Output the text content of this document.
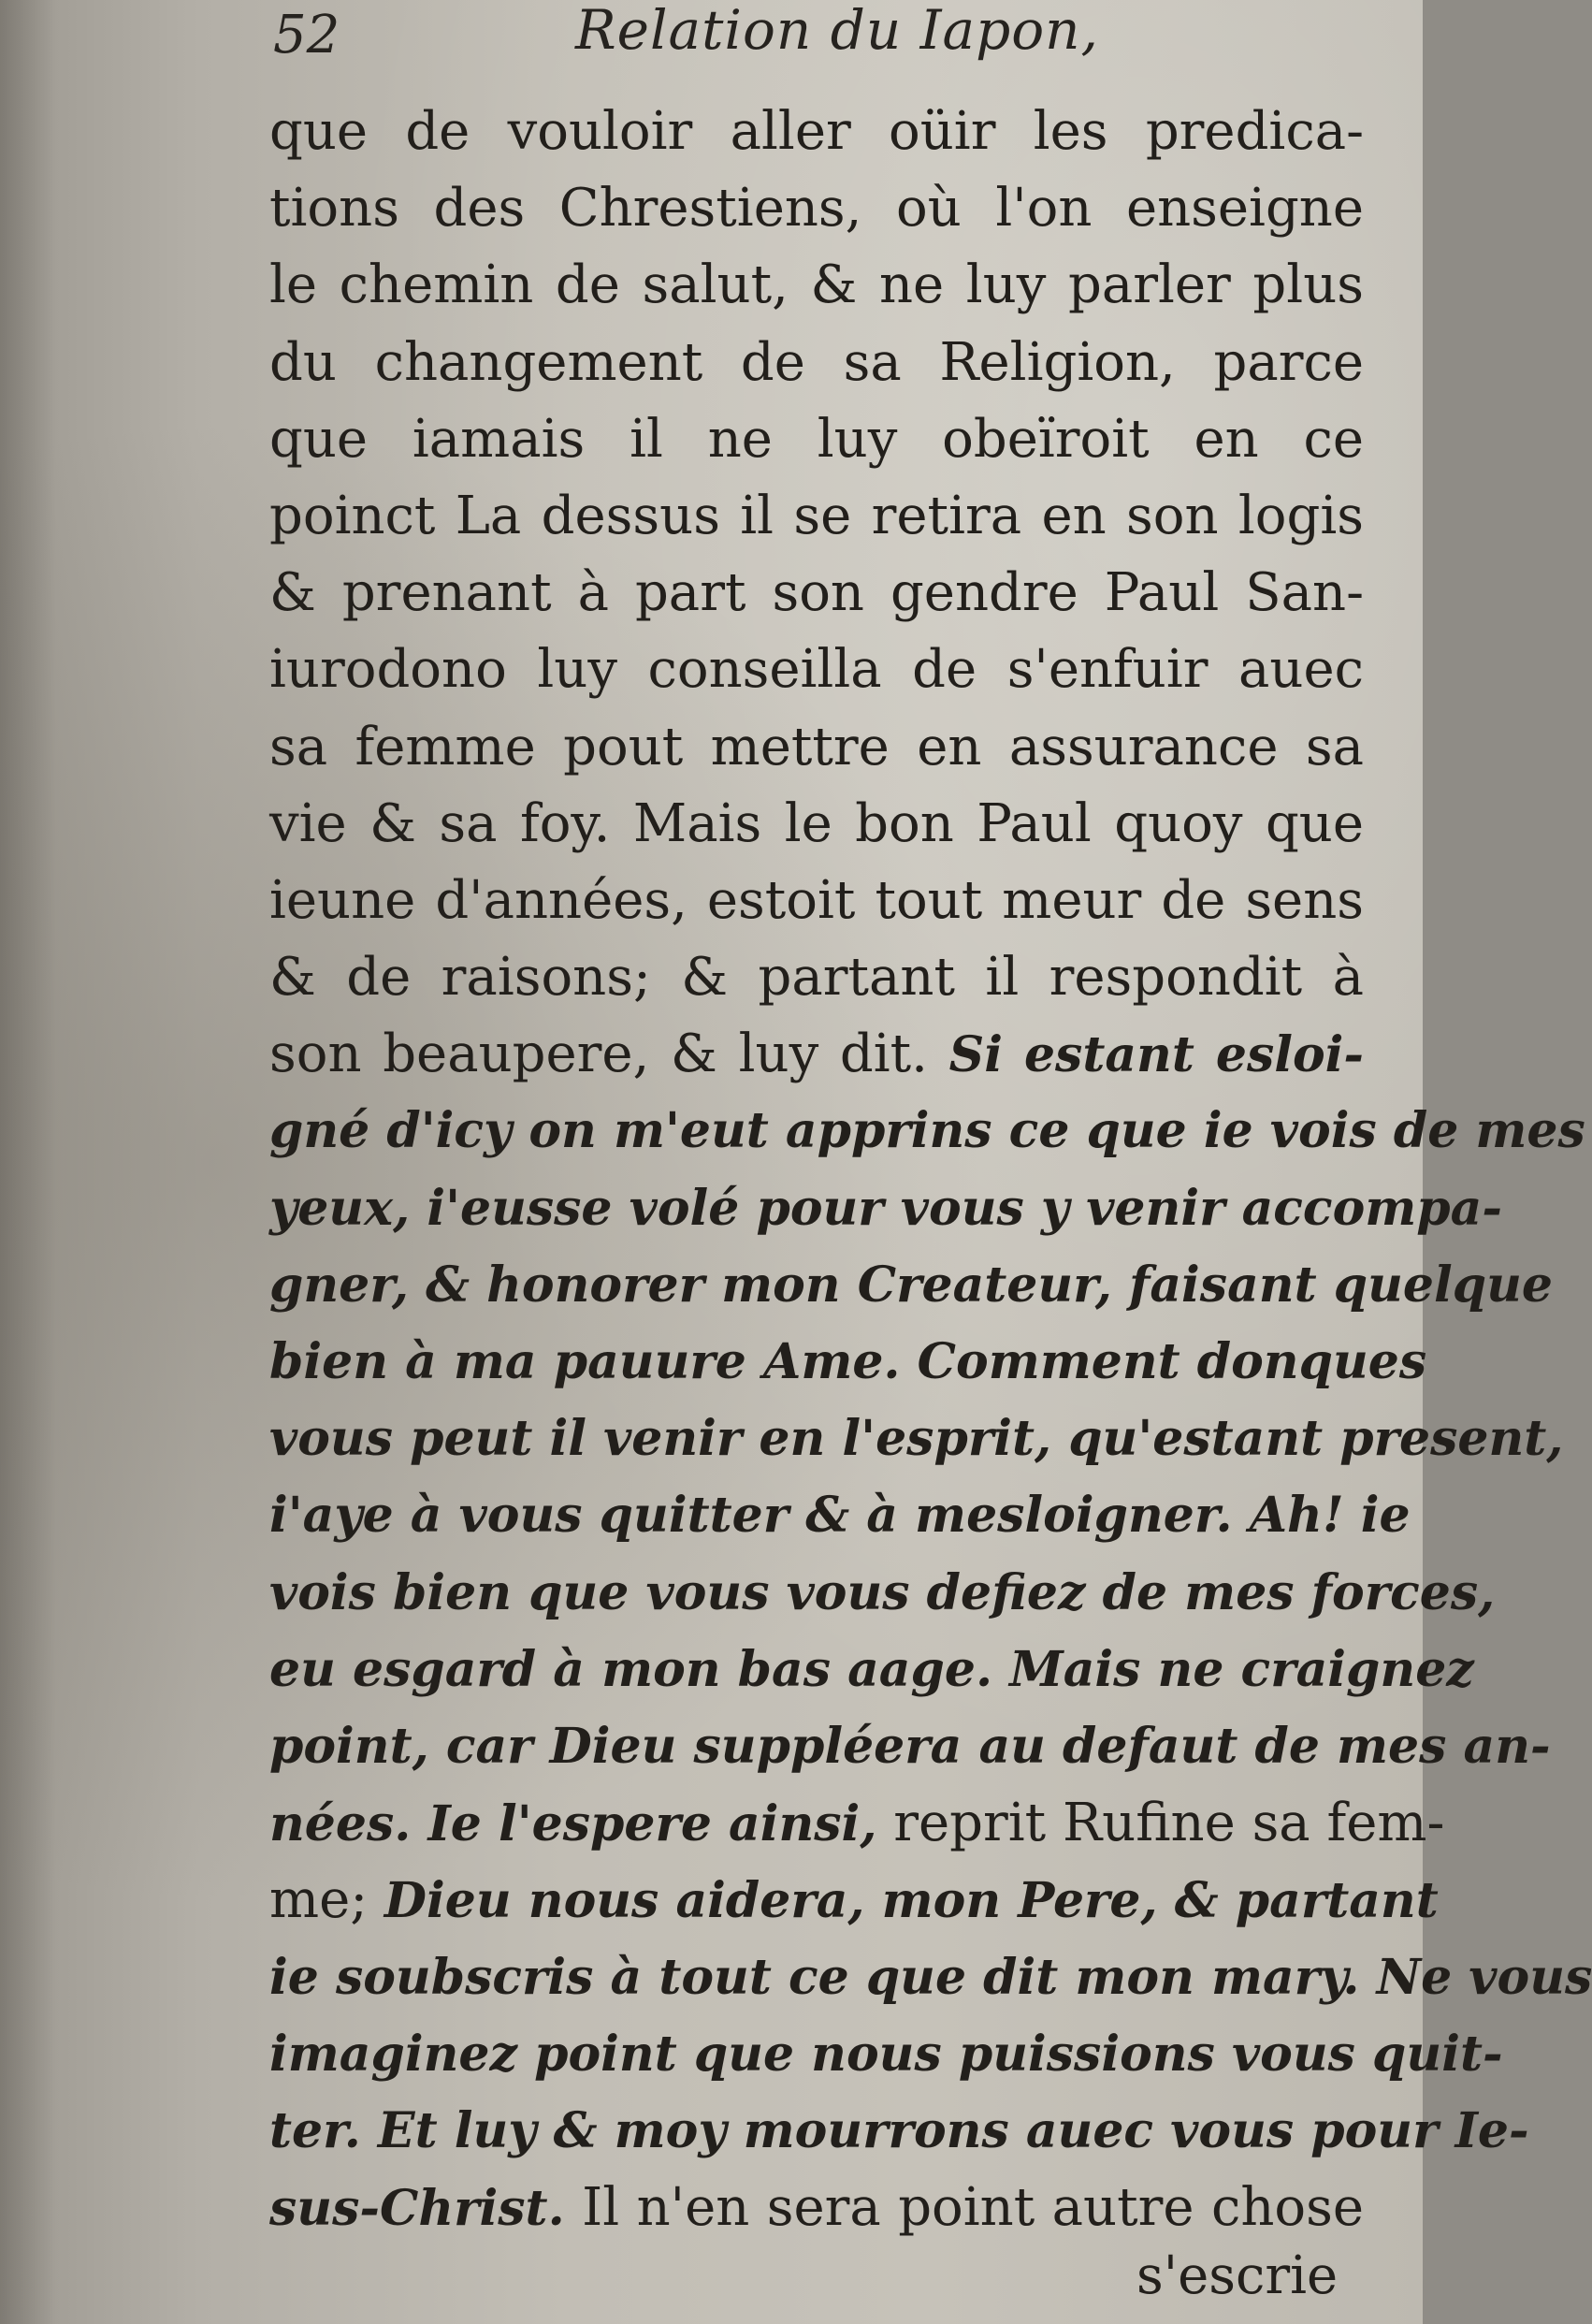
52	Relation du Iapon,
que de vouloir aller oüir les predica-
tions des Chrestiens, où l'on enseigne
le chemin de salut, & ne luy parler plus
du changement de sa Religion, parce
que iamais il ne luy obeïroit en ce
poinct La dessus il se retira en son logis
& prenant à part son gendre Paul San-
iurodono luy conseilla de s'enfuir auec
sa femme pout mettre en assurance sa
vie & sa foy. Mais le bon Paul quoy que
ieune d'années, estoit tout meur de sens
& de raisons; & partant il respondit à
son beaupere, & luy dit. Si estant esloi-
gné d'icy on m'eut apprins ce que ie vois de mes
yeux, i'eusse volé pour vous y venir accompa-
gner, & honorer mon Createur, faisant quelque
bien à ma pauure Ame. Comment donques
vous peut il venir en l'esprit, qu'estant present,
i'aye à vous quitter & à mesloigner. Ah! ie
vois bien que vous vous defiez de mes forces,
eu esgard à mon bas aage. Mais ne craignez
point, car Dieu suppléera au defaut de mes an-
nées. Ie l'espere ainsi, reprit Rufine sa fem-
me; Dieu nous aidera, mon Pere, & partant
ie soubscris à tout ce que dit mon mary. Ne vous
imaginez point que nous puissions vous quit-
ter. Et luy & moy mourrons auec vous pour Ie-
sus-Christ. Il n'en sera point autre chose
s'escrie
